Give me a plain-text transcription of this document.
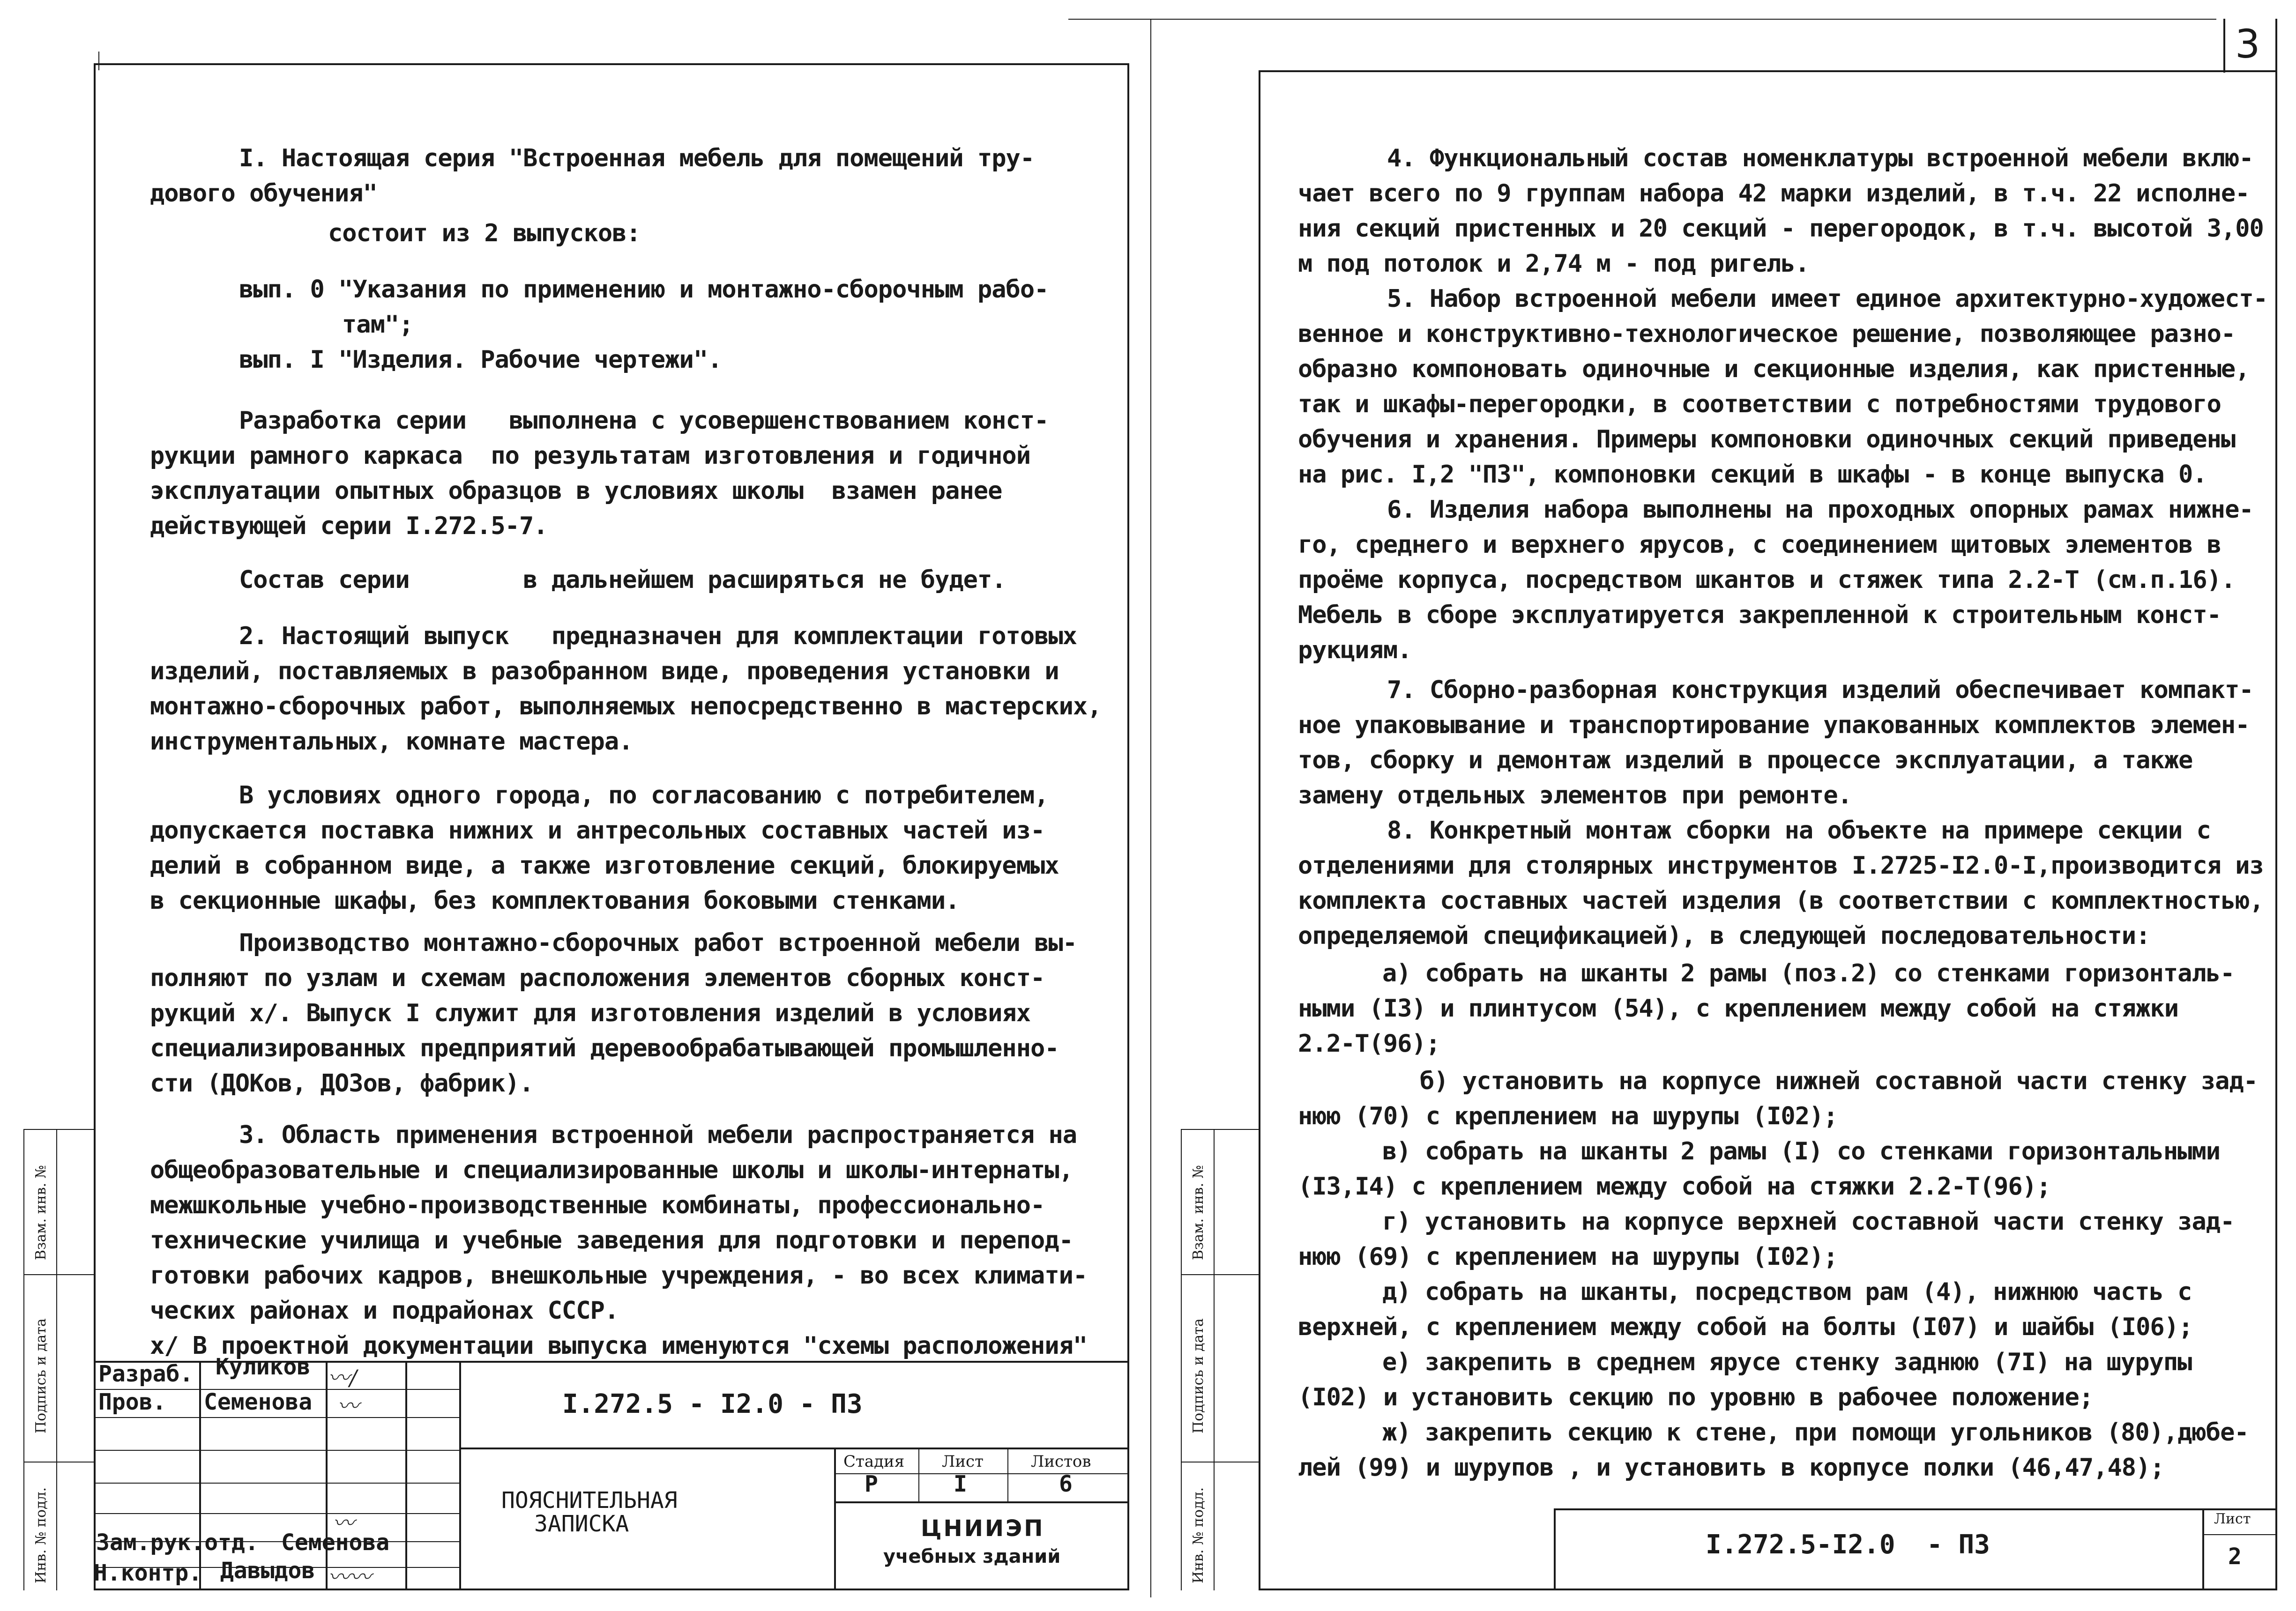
Взам. инв. №
Подпись и дата
Инв. № подл.
I. Настоящая серия "Встроенная мебель для помещений тру-
дового обучения"
состоит из 2 выпусков:
вып. 0 "Указания по применению и монтажно-сборочным рабо-
там";
вып. I "Изделия. Рабочие чертежи".
Разработка серии   выполнена с усовершенствованием конст-
рукции рамного каркаса  по результатам изготовления и годичной
эксплуатации опытных образцов в условиях школы  взамен ранее
действующей серии I.272.5-7.
Состав серии        в дальнейшем расширяться не будет.
2. Настоящий выпуск   предназначен для комплектации готовых
изделий, поставляемых в разобранном виде, проведения установки и
монтажно-сборочных работ, выполняемых непосредственно в мастерских,
инструментальных, комнате мастера.
В условиях одного города, по согласованию с потребителем,
допускается поставка нижних и антресольных составных частей из-
делий в собранном виде, а также изготовление секций, блокируемых
в секционные шкафы, без комплектования боковыми стенками.
Производство монтажно-сборочных работ встроенной мебели вы-
полняют по узлам и схемам расположения элементов сборных конст-
рукций x/. Выпуск I служит для изготовления изделий в условиях
специализированных предприятий деревообрабатывающей промышленно-
сти (ДОКов, ДОЗов, фабрик).
3. Область применения встроенной мебели распространяется на
общеобразовательные и специализированные школы и школы-интернаты,
межшкольные учебно-производственные комбинаты, профессионально-
технические училища и учебные заведения для подготовки и перепод-
готовки рабочих кадров, внешкольные учреждения, - во всех климати-
ческих районах и подрайонах СССР.
x/ В проектной документации выпуска именуются "схемы расположения"
Разраб. Куликов
Пров. Семенова
Зам.рук.отд. Семенова
Н.контр. Давыдов
〰∕
〰
〰
〰〰
I.272.5 - I2.0 - ПЗ
ПОЯСНИТЕЛЬНАЯ
ЗАПИСКА
Стадия Лист	Листов
Р	I	6
ЦНИИЭП
учебных зданий
3
Взам. инв. №
Подпись и дата
Инв. № подл.
4. Функциональный состав номенклатуры встроенной мебели вклю-
чает всего по 9 группам набора 42 марки изделий, в т.ч. 22 исполне-
ния секций пристенных и 20 секций - перегородок, в т.ч. высотой 3,00
м под потолок и 2,74 м - под ригель.
5. Набор встроенной мебели имеет единое архитектурно-художест-
венное и конструктивно-технологическое решение, позволяющее разно-
образно компоновать одиночные и секционные изделия, как пристенные,
так и шкафы-перегородки, в соответствии с потребностями трудового
обучения и хранения. Примеры компоновки одиночных секций приведены
на рис. I,2 "ПЗ", компоновки секций в шкафы - в конце выпуска 0.
6. Изделия набора выполнены на проходных опорных рамах нижне-
го, среднего и верхнего ярусов, с соединением щитовых элементов в
проёме корпуса, посредством шкантов и стяжек типа 2.2-Т (см.п.16).
Мебель в сборе эксплуатируется закрепленной к строительным конст-
рукциям.
7. Сборно-разборная конструкция изделий обеспечивает компакт-
ное упаковывание и транспортирование упакованных комплектов элемен-
тов, сборку и демонтаж изделий в процессе эксплуатации, а также
замену отдельных элементов при ремонте.
8. Конкретный монтаж сборки на объекте на примере секции с
отделениями для столярных инструментов I.2725-I2.0-I,производится из
комплекта составных частей изделия (в соответствии с комплектностью,
определяемой спецификацией), в следующей последовательности:
а) собрать на шканты 2 рамы (поз.2) со стенками горизонталь-
ными (I3) и плинтусом (54), с креплением между собой на стяжки
2.2-Т(96);
б) установить на корпусе нижней составной части стенку зад-
нюю (70) с креплением на шурупы (I02);
в) собрать на шканты 2 рамы (I) со стенками горизонтальными
(I3,I4) с креплением между собой на стяжки 2.2-Т(96);
г) установить на корпусе верхней составной части стенку зад-
нюю (69) с креплением на шурупы (I02);
д) собрать на шканты, посредством рам (4), нижнюю часть с
верхней, с креплением между собой на болты (I07) и шайбы (I06);
е) закрепить в среднем ярусе стенку заднюю (7I) на шурупы
(I02) и установить секцию по уровню в рабочее положение;
ж) закрепить секцию к стене, при помощи угольников (80),дюбе-
лей (99) и шурупов , и установить в корпусе полки (46,47,48);
I.272.5-I2.0  - ПЗ
Лист
2
